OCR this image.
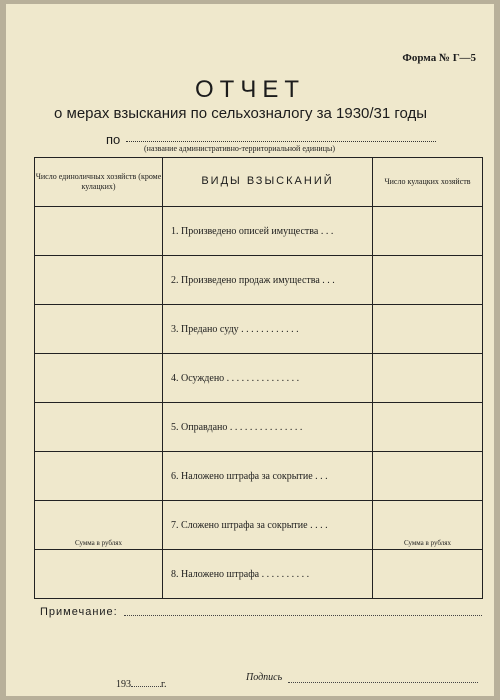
Форма № Г—5
ОТЧЕТ
о мерах взыскания по сельхозналогу за 1930/31 годы
по
(название административно-территориальной единицы)
Число единоличных хозяйств (кроме кулацких)	ВИДЫ ВЗЫСКАНИЙ	Число кулацких хозяйств
	1. Произведено описей имущества . . .	
	2. Произведено продаж имущества . . .	
	3. Предано суду . . . . . . . . . . . .	
	4. Осуждено . . . . . . . . . . . . . . .	
	5. Оправдано . . . . . . . . . . . . . . .	
	6. Наложено штрафа за сокрытие . . .	

Сумма в рублях	7. Сложено штрафа за сокрытие . . . .	Сумма в рублях

	8. Наложено штрафа . . . . . . . . . .	
Примечание:
193	г.
Подпись
